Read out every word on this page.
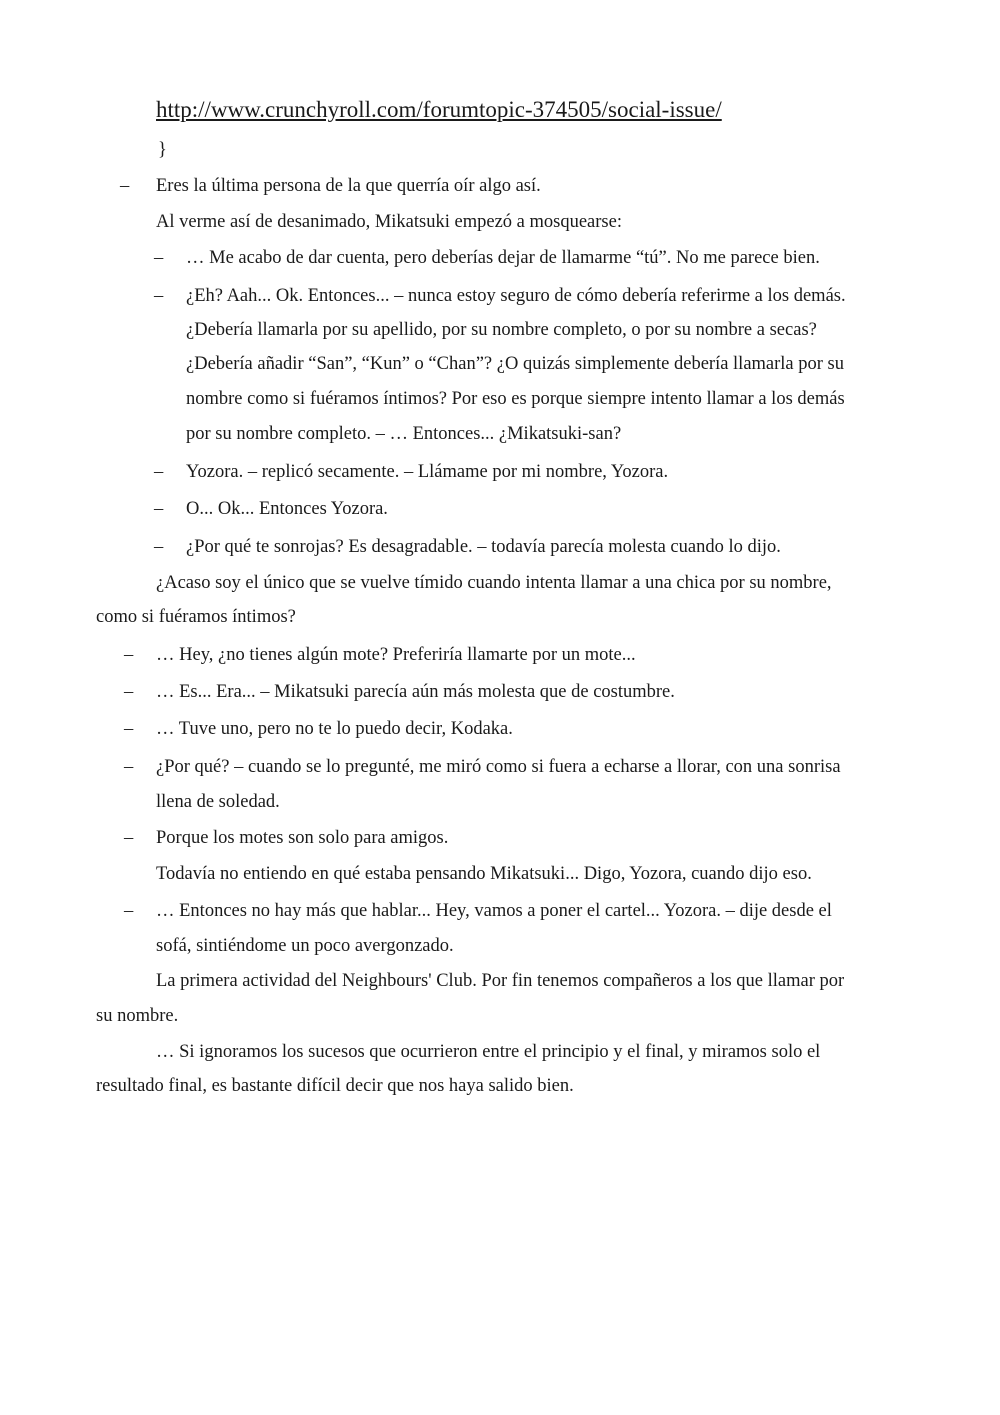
http://www.crunchyroll.com/forumtopic-374505/social-issue/
}
– Eres la última persona de la que querría oír algo así.
Al verme así de desanimado, Mikatsuki empezó a mosquearse:
– … Me acabo de dar cuenta, pero deberías dejar de llamarme “tú”. No me parece bien.
– ¿Eh? Aah... Ok. Entonces... – nunca estoy seguro de cómo debería referirme a los demás.
¿Debería llamarla por su apellido, por su nombre completo, o por su nombre a secas?
¿Debería añadir “San”, “Kun” o “Chan”? ¿O quizás simplemente debería llamarla por su
nombre como si fuéramos íntimos? Por eso es porque siempre intento llamar a los demás
por su nombre completo. – … Entonces... ¿Mikatsuki-san?
– Yozora. – replicó secamente. – Llámame por mi nombre, Yozora.
– O... Ok... Entonces Yozora.
– ¿Por qué te sonrojas? Es desagradable. – todavía parecía molesta cuando lo dijo.
¿Acaso soy el único que se vuelve tímido cuando intenta llamar a una chica por su nombre,
como si fuéramos íntimos?
– … Hey, ¿no tienes algún mote? Preferiría llamarte por un mote...
– … Es... Era... – Mikatsuki parecía aún más molesta que de costumbre.
– … Tuve uno, pero no te lo puedo decir, Kodaka.
– ¿Por qué? – cuando se lo pregunté, me miró como si fuera a echarse a llorar, con una sonrisa
llena de soledad.
– Porque los motes son solo para amigos.
Todavía no entiendo en qué estaba pensando Mikatsuki... Digo, Yozora, cuando dijo eso.
– … Entonces no hay más que hablar... Hey, vamos a poner el cartel... Yozora. – dije desde el
sofá, sintiéndome un poco avergonzado.
La primera actividad del Neighbours' Club. Por fin tenemos compañeros a los que llamar por
su nombre.
… Si ignoramos los sucesos que ocurrieron entre el principio y el final, y miramos solo el
resultado final, es bastante difícil decir que nos haya salido bien.
